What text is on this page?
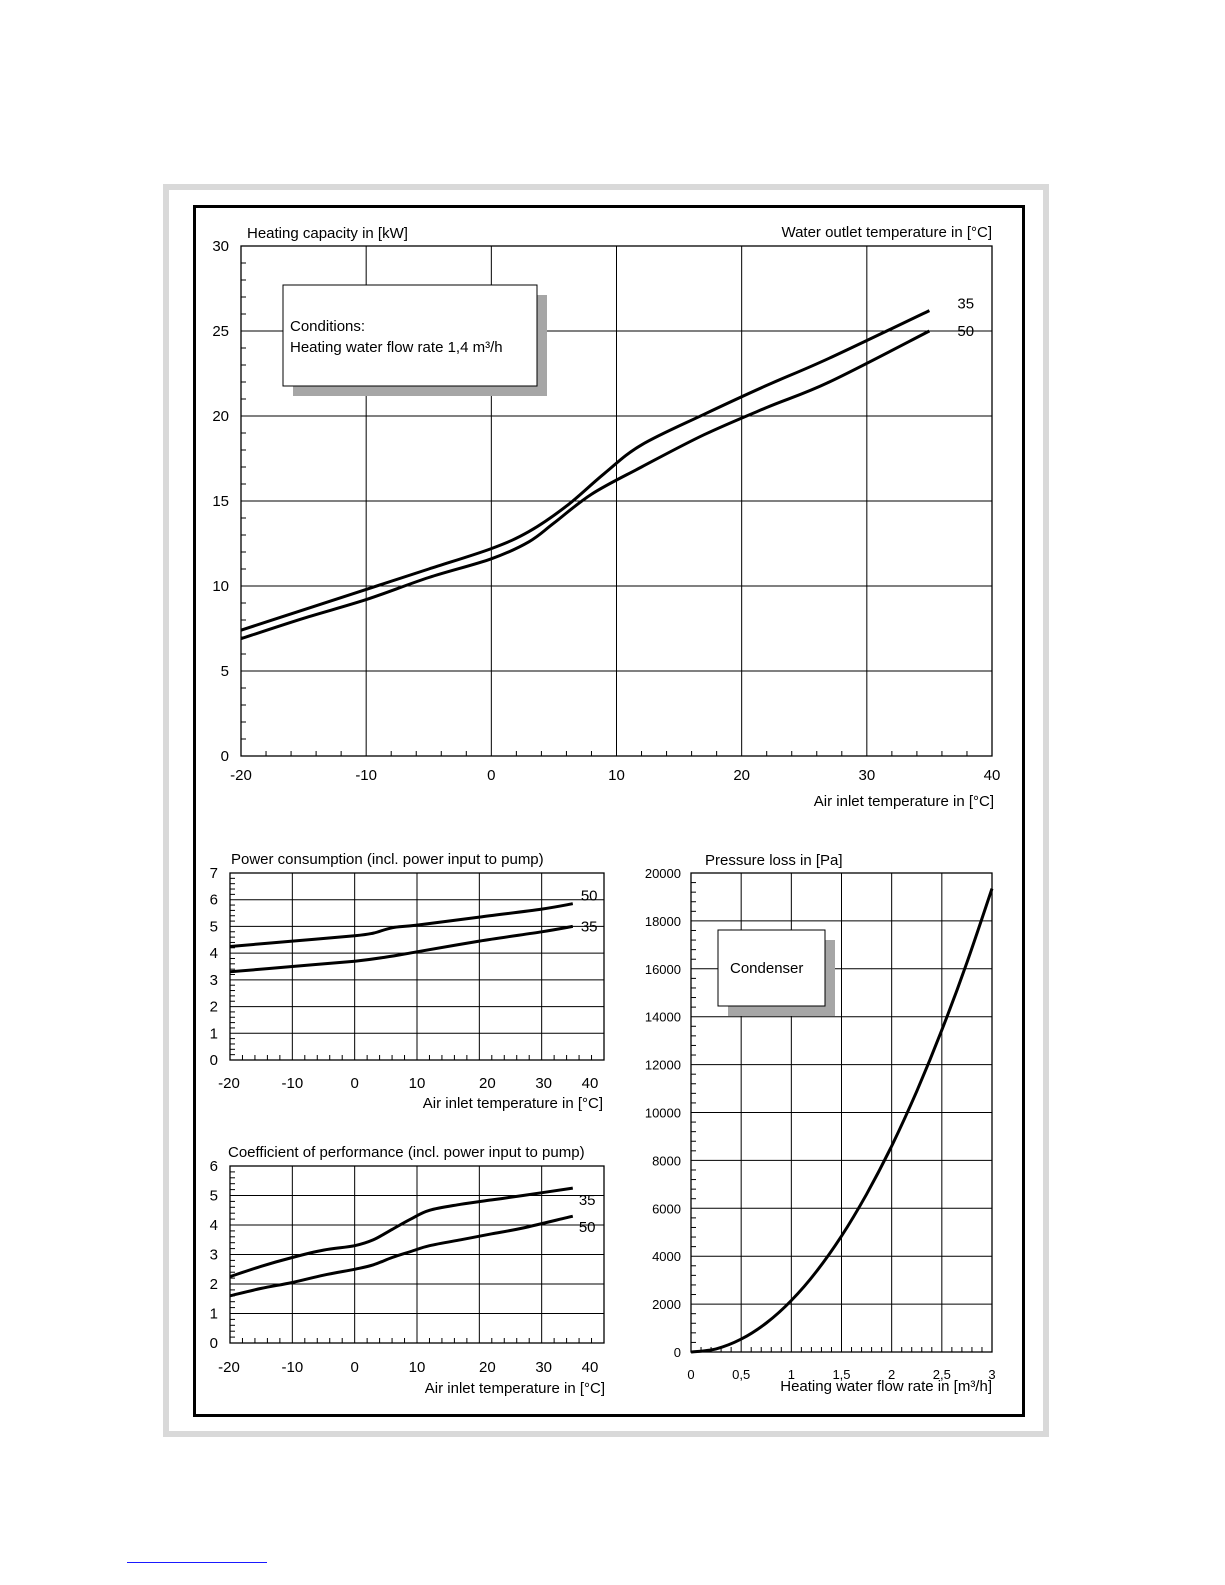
-20	-10	0	10	20	30	40
0
5
10
15
20
25
30
Heating capacity in [kW]	Water outlet temperature in [°C]
Air inlet temperature in [°C]
Conditions:
Heating water flow rate 1,4 m³/h
35
50
-20	-10	0	10	20	30 40
0
1
2
3
4
5
6
7
Power consumption (incl. power input to pump)
Air inlet temperature in [°C]
50
35
-20	-10	0	10	20	30 40
0
1
2
3
4
5
6
Coefficient of performance (incl. power input to pump)
Air inlet temperature in [°C]
35
50
0	0,5	1	1,5	2	2,5	3
0
2000
4000
6000
8000
10000
12000
14000
16000
18000
20000
Pressure loss in [Pa]
Heating water flow rate in [m³/h]
Condenser
